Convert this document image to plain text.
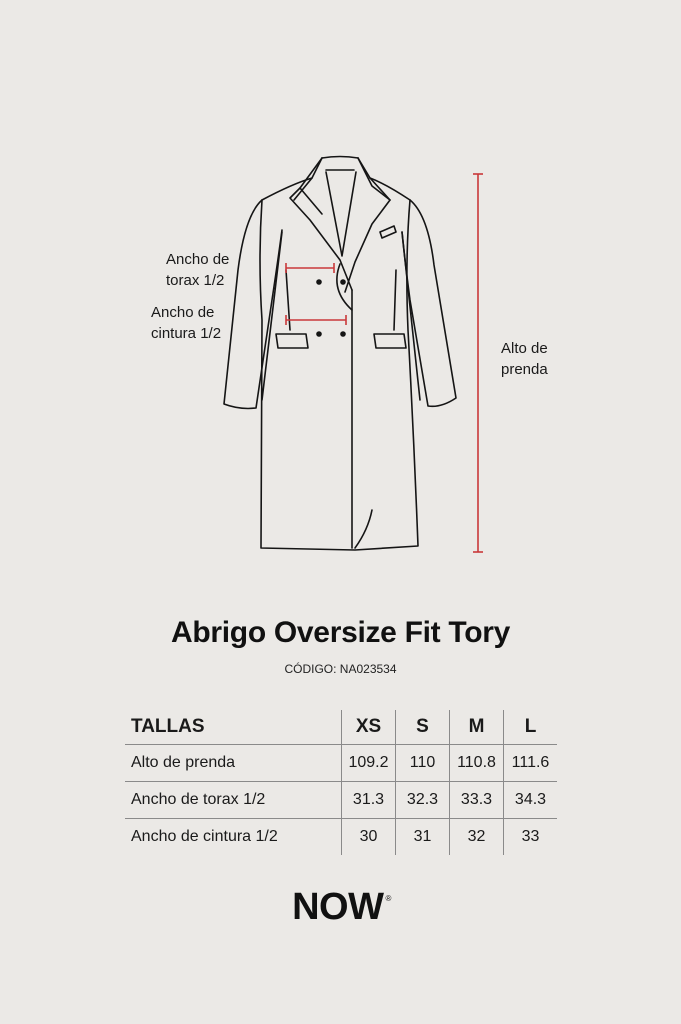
Ancho de
torax 1/2
Ancho de
cintura 1/2
Alto de
prenda
Abrigo Oversize Fit Tory
CÓDIGO: NA023534
TALLAS	XS	S	M	L
Alto de prenda	109.2	110	110.8	111.6
Ancho de torax 1/2	31.3	32.3	33.3	34.3
Ancho de cintura 1/2	30	31	32	33
NOW ®
